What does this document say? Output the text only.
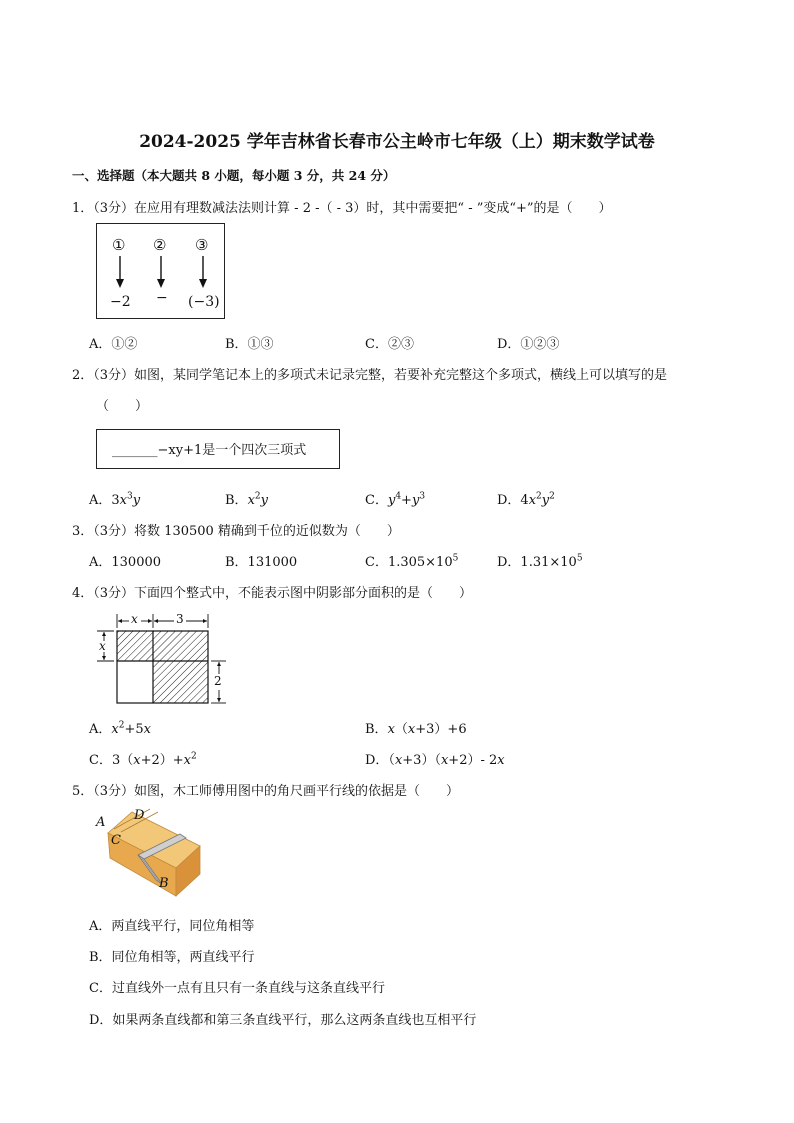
2024-2025 学年吉林省长春市公主岭市七年级（上）期末数学试卷
一、选择题（本大题共 8 小题，每小题 3 分，共 24 分）
1．（3分）在应用有理数减法法则计算 - 2 -（ - 3）时，其中需要把“ - ”变成“+”的是（　　）
① ② ③
−2 − (−3)
A．①②	B．①③	C．②③	D．①②③
2．（3分）如图，某同学笔记本上的多项式未记录完整，若要补充完整这个多项式，横线上可以填写的是
（　　）
_______−xy+1是一个四次三项式
A．$3x^3y$	B．$x^2y$	C．$y^4+y^3$	D．$4x^2y^2$
3．（3分）将数 130500 精确到千位的近似数为（　　）
A．130000	B．131000	C．$1.305\times 10^5$	D．$1.31\times 10^5$
4．（3分）下面四个整式中，不能表示图中阴影部分面积的是（　　）
x	3
x
2
A．$x^2+5x$	B．x（x+3）+6
C．$3(x+2)+x^2$	D．（x+3）（x+2）- 2x
5．（3分）如图，木工师傅用图中的角尺画平行线的依据是（　　）
A D
C
B
A．两直线平行，同位角相等
B．同位角相等，两直线平行
C．过直线外一点有且只有一条直线与这条直线平行
D．如果两条直线都和第三条直线平行，那么这两条直线也互相平行
